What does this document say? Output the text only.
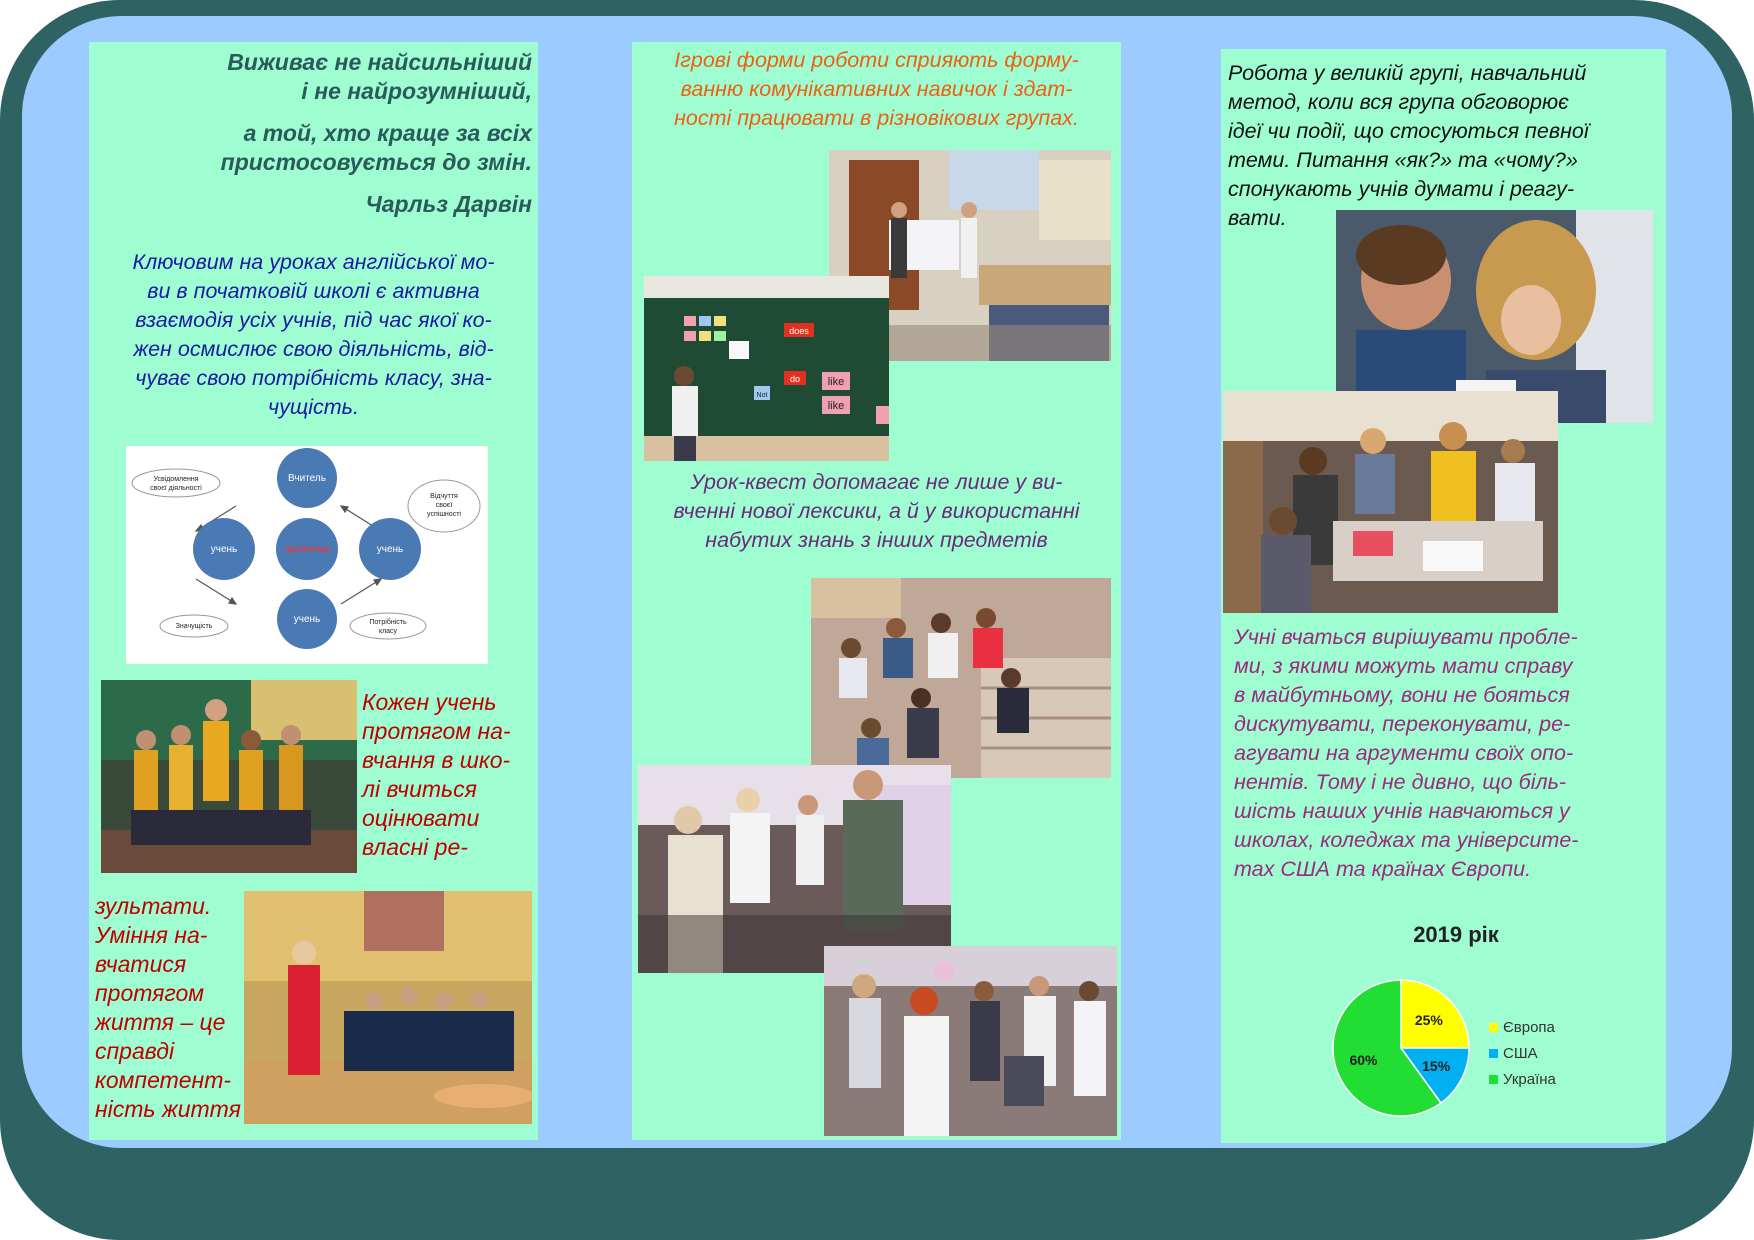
Виживає не найсильніший
і не найрозумніший,
а той, хто краще за всіх
пристосовується до змін.
Чарльз Дарвін
Ключовим на уроках англійської мо-
ви в початковій школі є активна
взаємодія усіх учнів, під час якої ко-
жен осмислює свою діяльність, від-
чуває свою потрібність класу, зна-
чущість.
Вчитель
проблема
учень	учень
учень
Усвідомлення
своєї діяльності
Відчуття
своєї
успішності
Значущість
Потрібність
класу
Кожен учень
протягом на-
вчання в шко-
лі вчиться
оцінювати
власні ре-
зультати.
Уміння на-
вчатися
протягом
життя – це
справді
компетент-
ність життя
Ігрові форми роботи сприяють форму-
ванню комунікативних навичок і здат-
ності працювати в різновікових групах.
does
do	like
like
Not
Урок-квест допомагає не лише у ви-
вченні нової лексики, а й у використанні
набутих знань з інших предметів
Робота у великій групі, навчальний
метод, коли вся група обговорює
ідеї чи події, що стосуються певної
теми. Питання «як?» та «чому?»
спонукають учнів думати і реагу-
вати.
Учні вчаться вирішувати пробле-
ми, з якими можуть мати справу
в майбутньому, вони не бояться
дискутувати, переконувати, ре-
агувати на аргументи своїх опо-
нентів. Тому і не дивно, що біль-
шість наших учнів навчаються у
школах, коледжах та університе-
тах США та країнах Європи.
2019 рік
25%
15%
60%
Європа
США
Україна
